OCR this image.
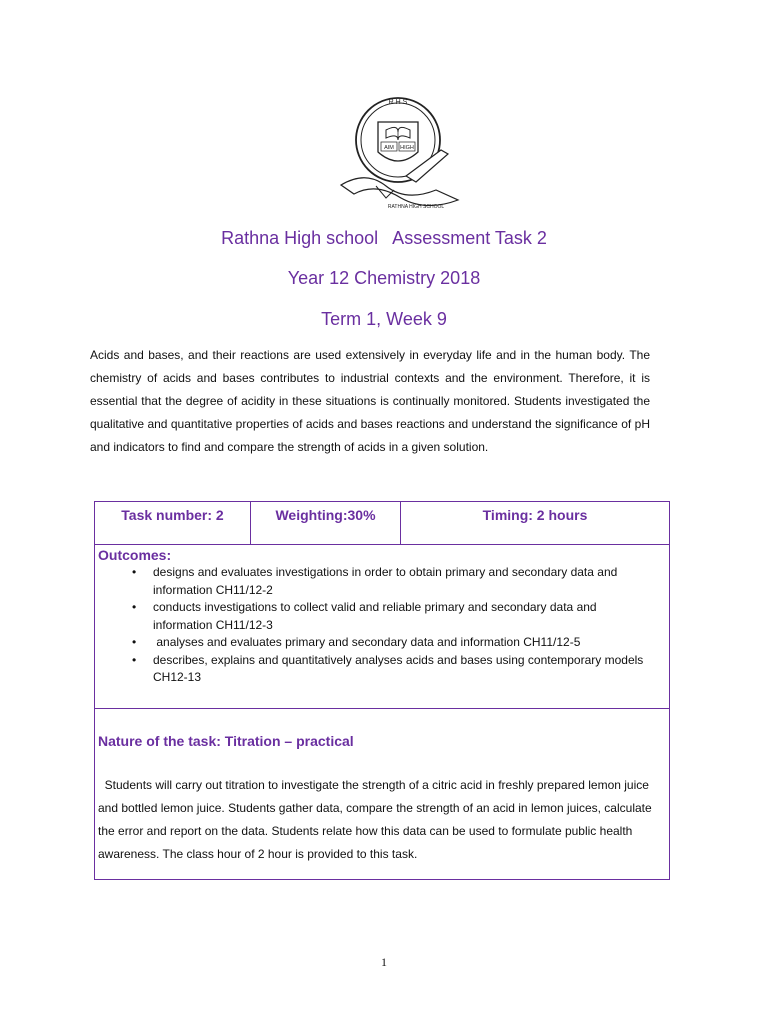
R H S
AIM HIGH
RATHNA HIGH SCHOOL
Rathna High school   Assessment Task 2
Year 12 Chemistry 2018
Term 1, Week 9

Acids and bases, and their reactions are used extensively in everyday life and in the human body. The chemistry of acids and bases contributes to industrial contexts and the environment. Therefore, it is essential that the degree of acidity in these situations is continually monitored. Students investigated the qualitative and quantitative properties of acids and bases reactions and understand the significance of pH and indicators to find and compare the strength of acids in a given solution.

Task number: 2	Weighting:30%	Timing: 2 hours
Outcomes:
• designs and evaluates investigations in order to obtain primary and secondary data and information CH11/12-2
• conducts investigations to collect valid and reliable primary and secondary data and information CH11/12-3
• analyses and evaluates primary and secondary data and information CH11/12-5
• describes, explains and quantitatively analyses acids and bases using contemporary models CH12-13
Nature of the task: Titration – practical
Students will carry out titration to investigate the strength of a citric acid in freshly prepared lemon juice and bottled lemon juice. Students gather data, compare the strength of an acid in lemon juices, calculate the error and report on the data. Students relate how this data can be used to formulate public health awareness. The class hour of 2 hour is provided to this task.
1
